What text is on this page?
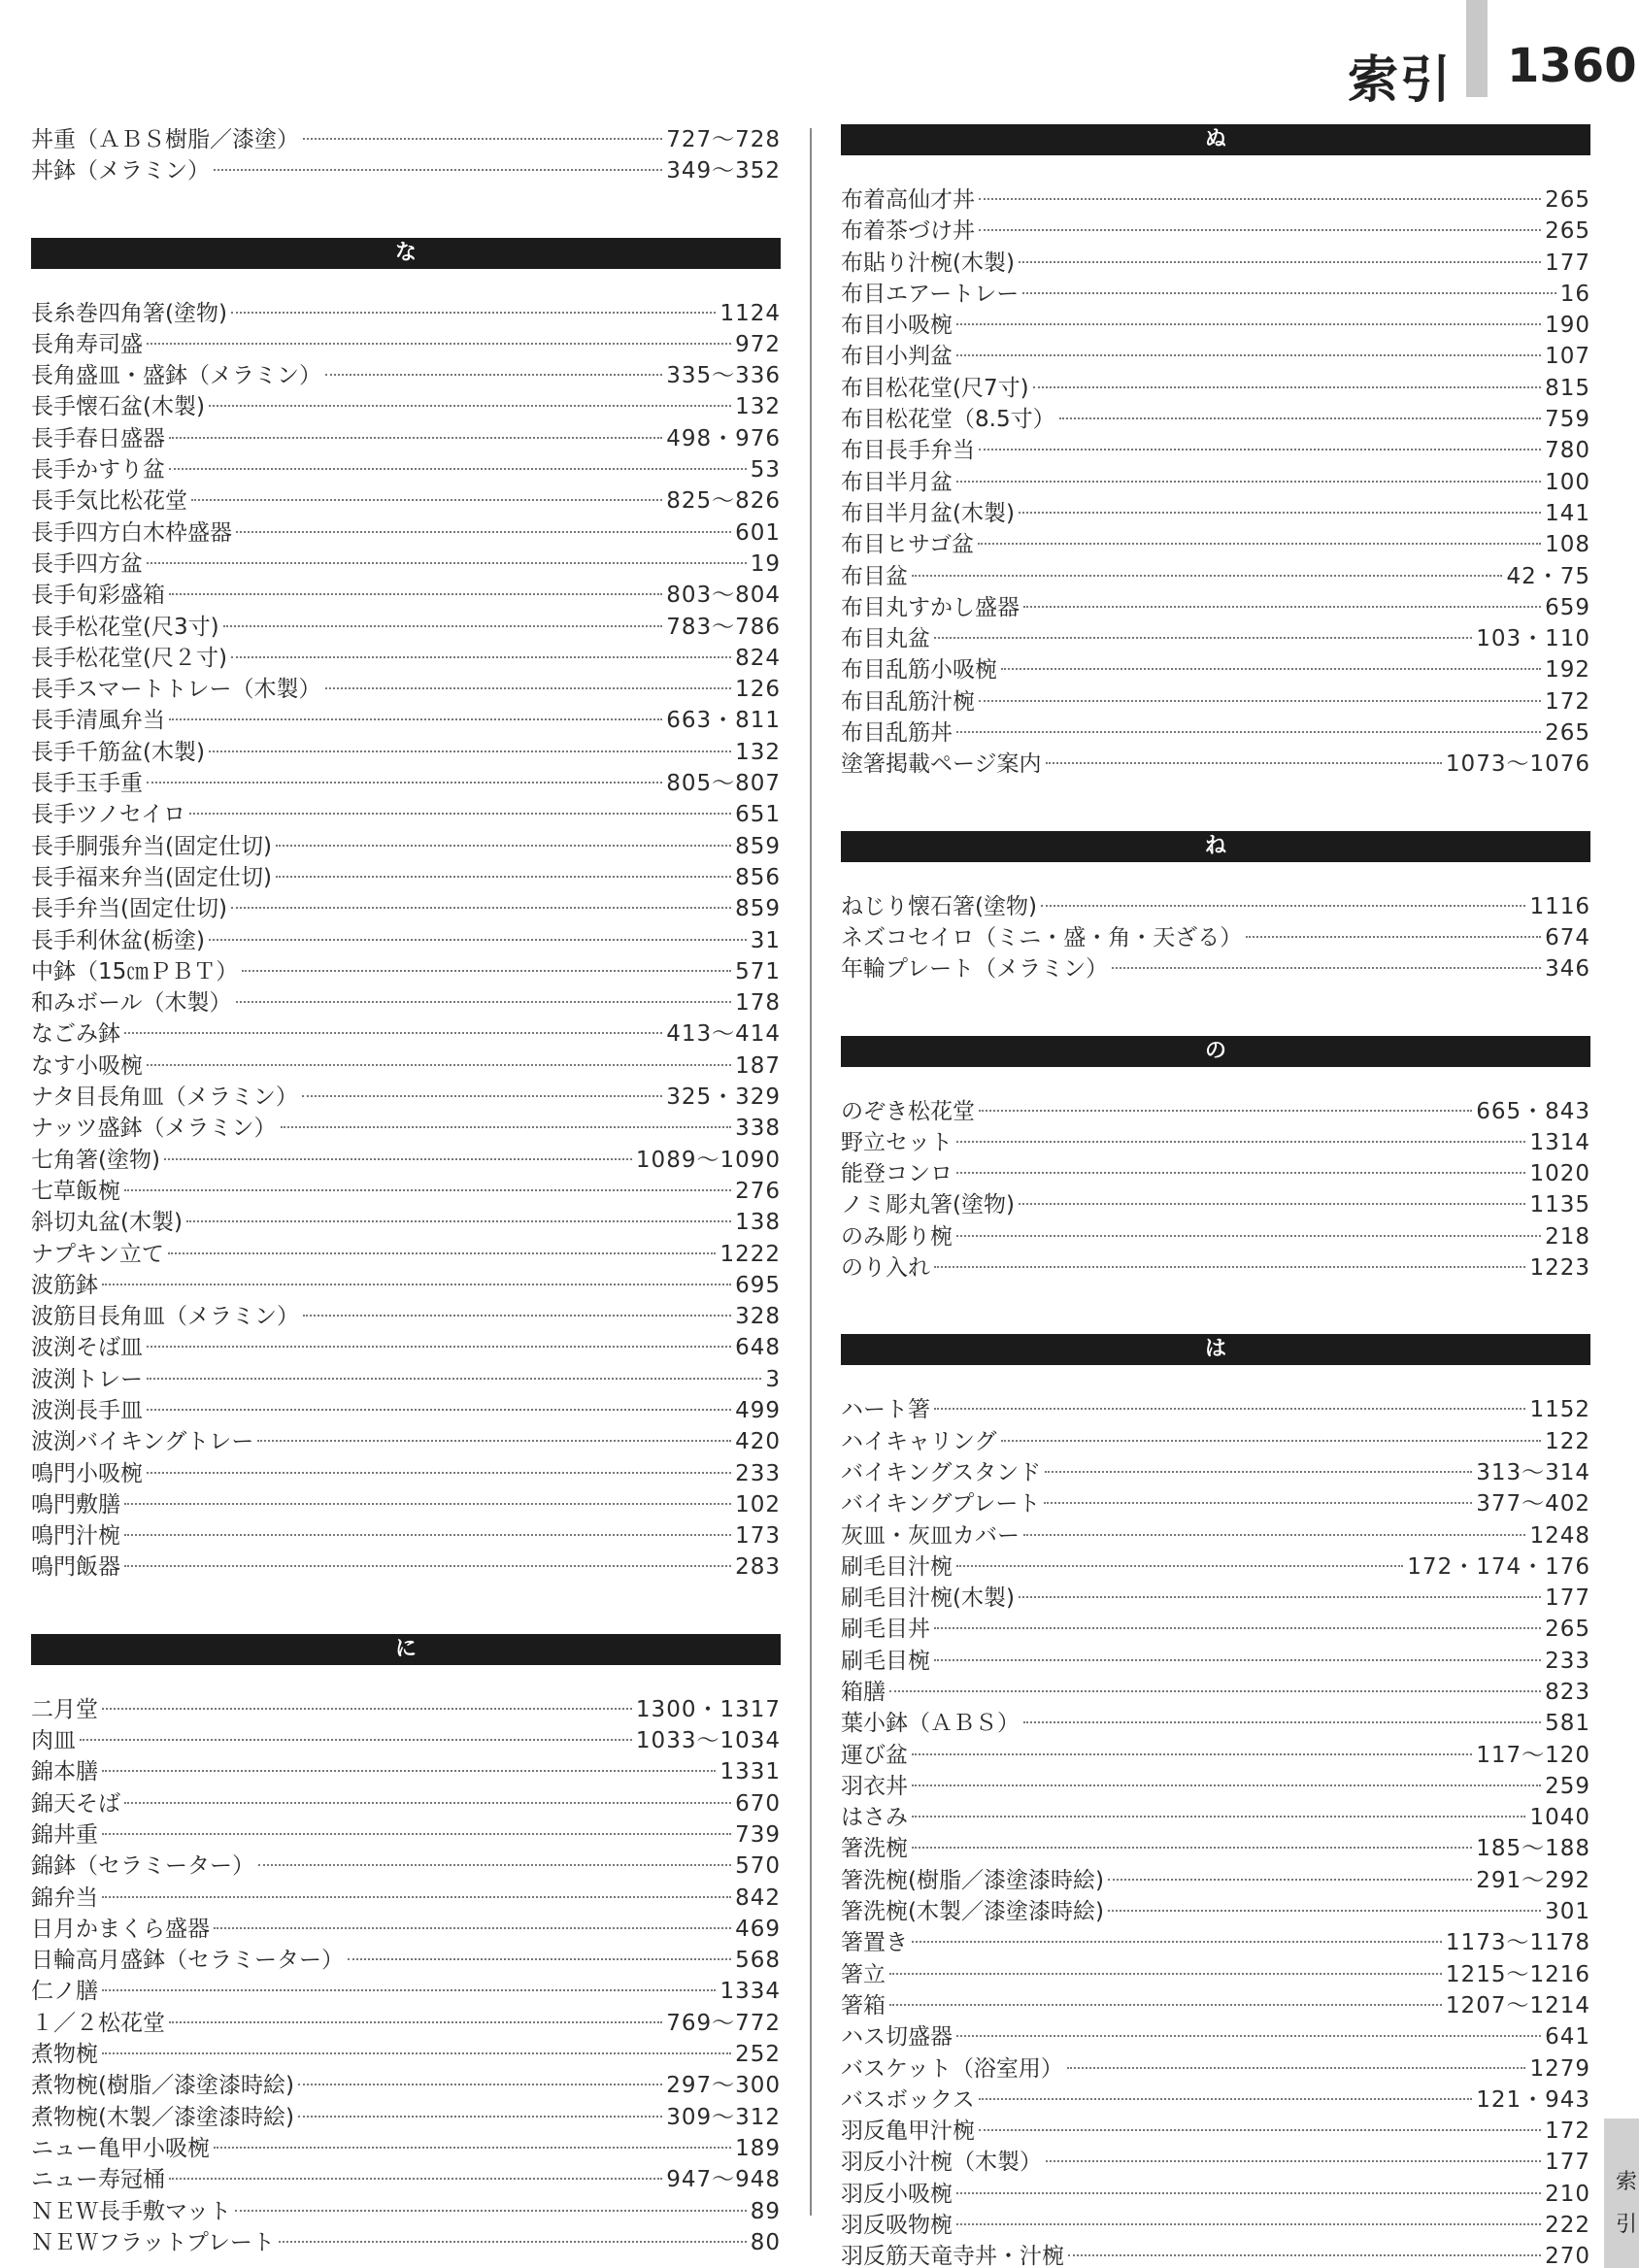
索引 1360
丼重（ＡＢＳ樹脂／漆塗）	727〜728
丼鉢（メラミン）	349〜352
な
長糸巻四角箸(塗物)	1124
長角寿司盛	972
長角盛皿・盛鉢（メラミン）	335〜336
長手懐石盆(木製)	132
長手春日盛器	498・976
長手かすり盆	53
長手気比松花堂	825〜826
長手四方白木枠盛器	601
長手四方盆	19
長手旬彩盛箱	803〜804
長手松花堂(尺3寸)	783〜786
長手松花堂(尺２寸)	824
長手スマートトレー（木製）	126
長手清風弁当	663・811
長手千筋盆(木製)	132
長手玉手重	805〜807
長手ツノセイロ	651
長手胴張弁当(固定仕切)	859
長手福来弁当(固定仕切)	856
長手弁当(固定仕切)	859
長手利休盆(栃塗)	31
中鉢（15㎝ＰＢＴ）	571
和みボール（木製）	178
なごみ鉢	413〜414
なす小吸椀	187
ナタ目長角皿（メラミン）	325・329
ナッツ盛鉢（メラミン）	338
七角箸(塗物)	1089〜1090
七草飯椀	276
斜切丸盆(木製)	138
ナプキン立て	1222
波筋鉢	695
波筋目長角皿（メラミン）	328
波渕そば皿	648
波渕トレー	3
波渕長手皿	499
波渕バイキングトレー	420
鳴門小吸椀	233
鳴門敷膳	102
鳴門汁椀	173
鳴門飯器	283
に
二月堂	1300・1317
肉皿	1033〜1034
錦本膳	1331
錦天そば	670
錦丼重	739
錦鉢（セラミーター）	570
錦弁当	842
日月かまくら盛器	469
日輪高月盛鉢（セラミーター）	568
仁ノ膳	1334
１／２松花堂	769〜772
煮物椀	252
煮物椀(樹脂／漆塗漆時絵)	297〜300
煮物椀(木製／漆塗漆時絵)	309〜312
ニュー亀甲小吸椀	189
ニュー寿冠桶	947〜948
ＮＥＷ長手敷マット	89
ＮＥＷフラットプレート	80
ぬ
布着高仙才丼	265
布着茶づけ丼	265
布貼り汁椀(木製)	177
布目エアートレー	16
布目小吸椀	190
布目小判盆	107
布目松花堂(尺7寸)	815
布目松花堂（8.5寸）	759
布目長手弁当	780
布目半月盆	100
布目半月盆(木製)	141
布目ヒサゴ盆	108
布目盆	42・75
布目丸すかし盛器	659
布目丸盆	103・110
布目乱筋小吸椀	192
布目乱筋汁椀	172
布目乱筋丼	265
塗箸掲載ページ案内	1073〜1076
ね
ねじり懐石箸(塗物)	1116
ネズコセイロ（ミニ・盛・角・天ざる）	674
年輪プレート（メラミン）	346
の
のぞき松花堂	665・843
野立セット	1314
能登コンロ	1020
ノミ彫丸箸(塗物)	1135
のみ彫り椀	218
のり入れ	1223
は
ハート箸	1152
ハイキャリング	122
バイキングスタンド	313〜314
バイキングプレート	377〜402
灰皿・灰皿カバー	1248
刷毛目汁椀	172・174・176
刷毛目汁椀(木製)	177
刷毛目丼	265
刷毛目椀	233
箱膳	823
葉小鉢（ＡＢＳ）	581
運び盆	117〜120
羽衣丼	259
はさみ	1040
箸洗椀	185〜188
箸洗椀(樹脂／漆塗漆時絵)	291〜292
箸洗椀(木製／漆塗漆時絵)	301
箸置き	1173〜1178
箸立	1215〜1216
箸箱	1207〜1214
ハス切盛器	641
バスケット（浴室用）	1279
バスボックス	121・943
羽反亀甲汁椀	172
羽反小汁椀（木製）	177
羽反小吸椀	210
羽反吸物椀	222
羽反筋天竜寺丼・汁椀	270
索引
